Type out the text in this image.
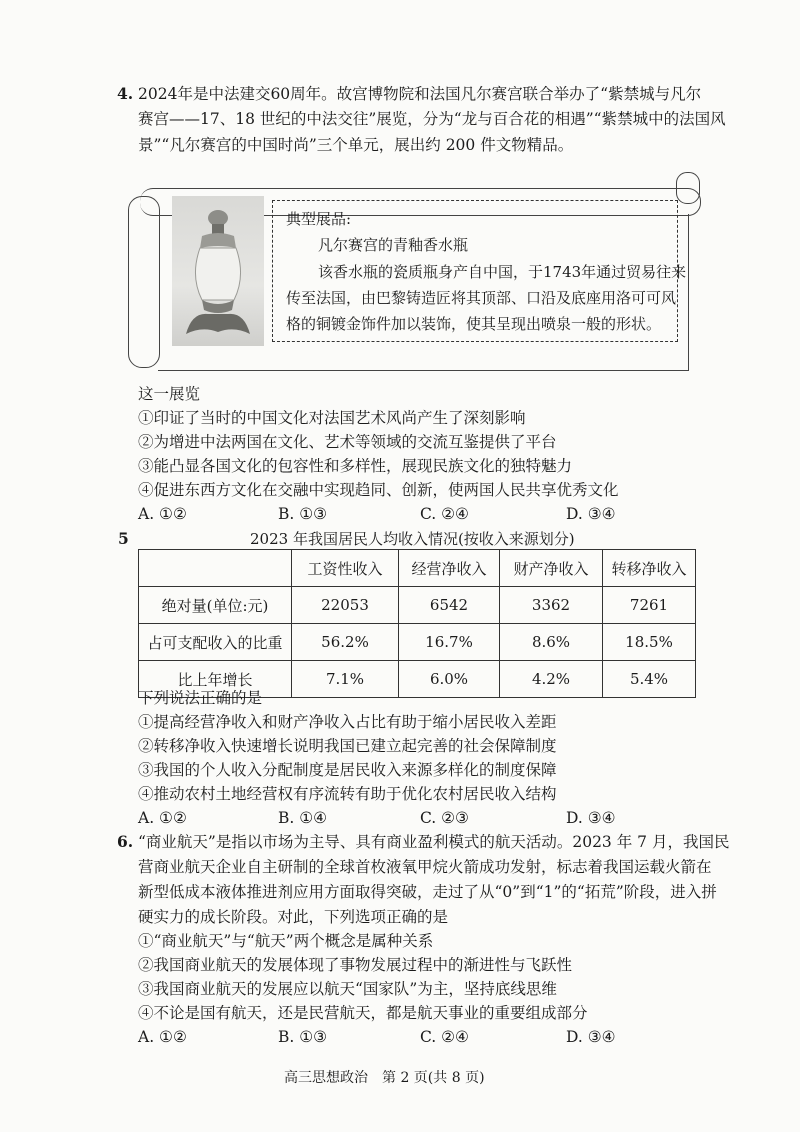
4. 2024年是中法建交60周年。故宫博物院和法国凡尔赛宫联合举办了“紫禁城与凡尔
赛宫——17、18 世纪的中法交往”展览，分为“龙与百合花的相遇”“紫禁城中的法国风
景”“凡尔赛宫的中国时尚”三个单元，展出约 200 件文物精品。
典型展品:
凡尔赛宫的青釉香水瓶
该香水瓶的瓷质瓶身产自中国，于1743年通过贸易往来
传至法国，由巴黎铸造匠将其顶部、口沿及底座用洛可可风
格的铜镀金饰件加以装饰，使其呈现出喷泉一般的形状。
这一展览
①印证了当时的中国文化对法国艺术风尚产生了深刻影响
②为增进中法两国在文化、艺术等领域的交流互鉴提供了平台
③能凸显各国文化的包容性和多样性，展现民族文化的独特魅力
④促进东西方文化在交融中实现趋同、创新，使两国人民共享优秀文化
A. ①②	B. ①③	C. ②④	D. ③④
5	2023 年我国居民人均收入情况(按收入来源划分)
	工资性收入	经营净收入	财产净收入	转移净收入
绝对量(单位:元)	22053	6542	3362	7261
占可支配收入的比重	56.2%	16.7%	8.6%	18.5%
比上年增长	7.1%	6.0%	4.2%	5.4%
下列说法正确的是
①提高经营净收入和财产净收入占比有助于缩小居民收入差距
②转移净收入快速增长说明我国已建立起完善的社会保障制度
③我国的个人收入分配制度是居民收入来源多样化的制度保障
④推动农村土地经营权有序流转有助于优化农村居民收入结构
A. ①②	B. ①④	C. ②③	D. ③④
6. “商业航天”是指以市场为主导、具有商业盈利模式的航天活动。2023 年 7 月，我国民
营商业航天企业自主研制的全球首枚液氧甲烷火箭成功发射，标志着我国运载火箭在
新型低成本液体推进剂应用方面取得突破，走过了从“0”到“1”的“拓荒”阶段，进入拼
硬实力的成长阶段。对此，下列选项正确的是
①“商业航天”与“航天”两个概念是属种关系
②我国商业航天的发展体现了事物发展过程中的渐进性与飞跃性
③我国商业航天的发展应以航天“国家队”为主，坚持底线思维
④不论是国有航天，还是民营航天，都是航天事业的重要组成部分
A. ①②	B. ①③	C. ②④	D. ③④
高三思想政治　第 2 页(共 8 页)
